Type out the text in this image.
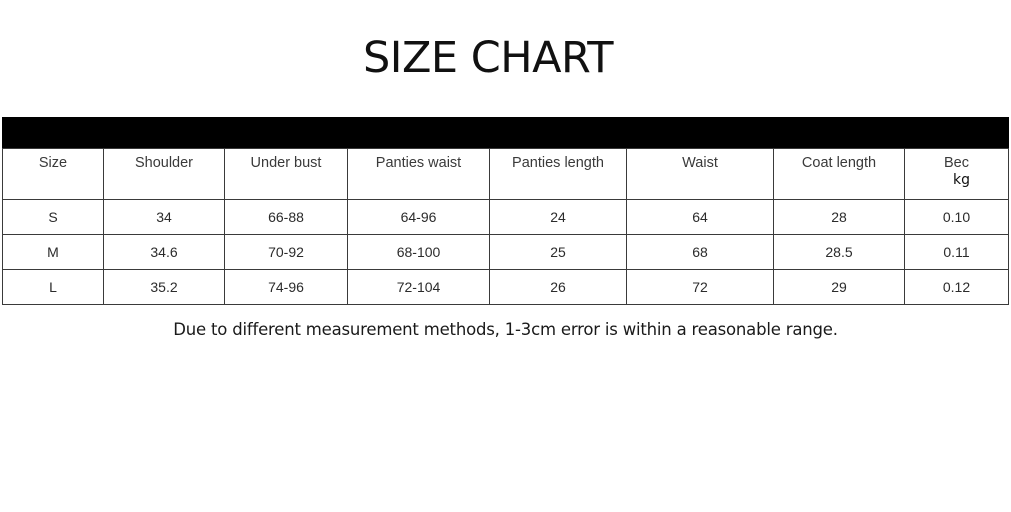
SIZE CHART
Size	Shoulder	Under bust	Panties waist	Panties length	Waist	Coat length	Bec
kg

S	34	66-88	64-96	24	64	28	0.10
M	34.6	70-92	68-100	25	68	28.5	0.11
L	35.2	74-96	72-104	26	72	29	0.12
Due to different measurement methods, 1-3cm error is within a reasonable range.
